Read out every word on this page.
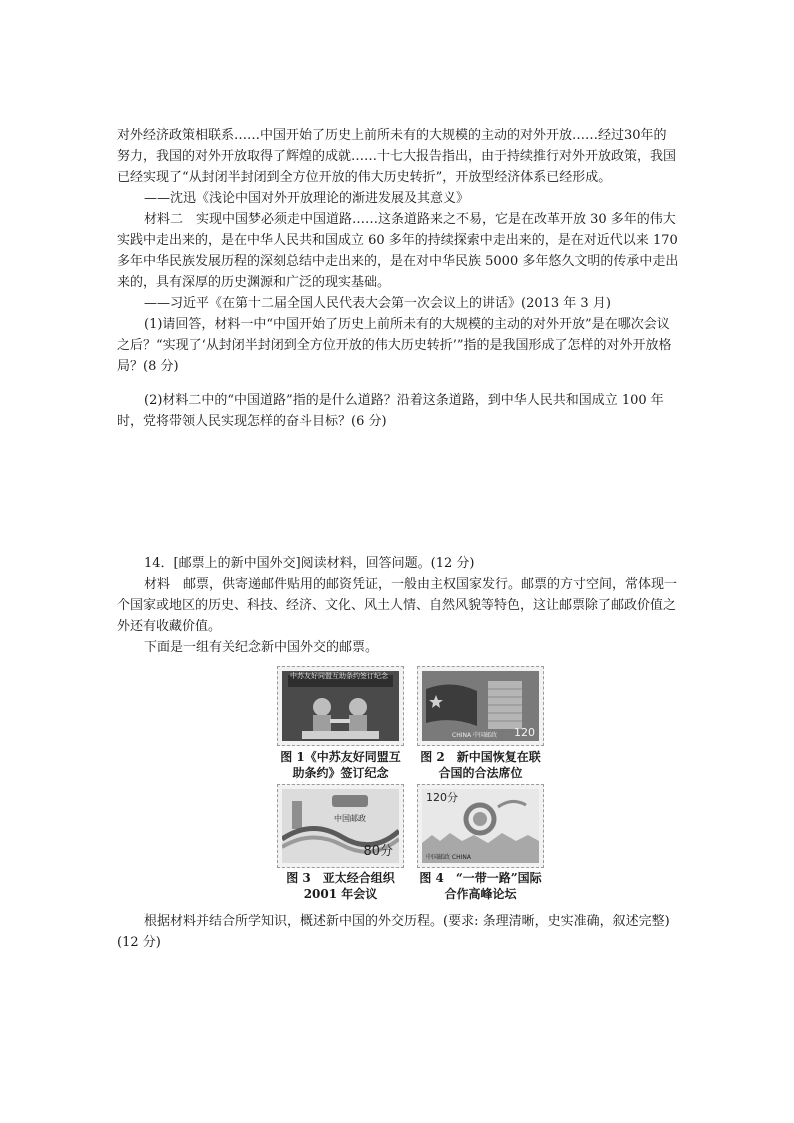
对外经济政策相联系……中国开始了历史上前所未有的大规模的主动的对外开放……经过30年的努力，我国的对外开放取得了辉煌的成就……十七大报告指出，由于持续推行对外开放政策，我国已经实现了“从封闭半封闭到全方位开放的伟大历史转折”，开放型经济体系已经形成。

——沈迅《浅论中国对外开放理论的渐进发展及其意义》

材料二　实现中国梦必须走中国道路……这条道路来之不易，它是在改革开放 30 多年的伟大实践中走出来的，是在中华人民共和国成立 60 多年的持续探索中走出来的，是在对近代以来 170 多年中华民族发展历程的深刻总结中走出来的，是在对中华民族 5000 多年悠久文明的传承中走出来的，具有深厚的历史渊源和广泛的现实基础。

——习近平《在第十二届全国人民代表大会第一次会议上的讲话》(2013 年 3 月)

(1)请回答，材料一中“中国开始了历史上前所未有的大规模的主动的对外开放”是在哪次会议之后？“实现了‘从封闭半封闭到全方位开放的伟大历史转折’”指的是我国形成了怎样的对外开放格局？(8 分)

(2)材料二中的“中国道路”指的是什么道路？沿着这条道路，到中华人民共和国成立 100 年时，党将带领人民实现怎样的奋斗目标？(6 分)

14．[邮票上的新中国外交]阅读材料，回答问题。(12 分)

材料　邮票，供寄递邮件贴用的邮资凭证，一般由主权国家发行。邮票的方寸空间，常体现一个国家或地区的历史、科技、经济、文化、风土人情、自然风貌等特色，这让邮票除了邮政价值之外还有收藏价值。

下面是一组有关纪念新中国外交的邮票。

中苏友好同盟互助条约签订纪念
图 1《中苏友好同盟互
助条约》签订纪念
120
CHINA 中国邮政
图 2　新中国恢复在联
合国的合法席位
中国邮政
80分
图 3　亚太经合组织
2001 年会议
120分
中国邮政 CHINA
图 4　“一带一路”国际
合作高峰论坛

根据材料并结合所学知识，概述新中国的外交历程。(要求: 条理清晰，史实准确，叙述完整)(12 分)
